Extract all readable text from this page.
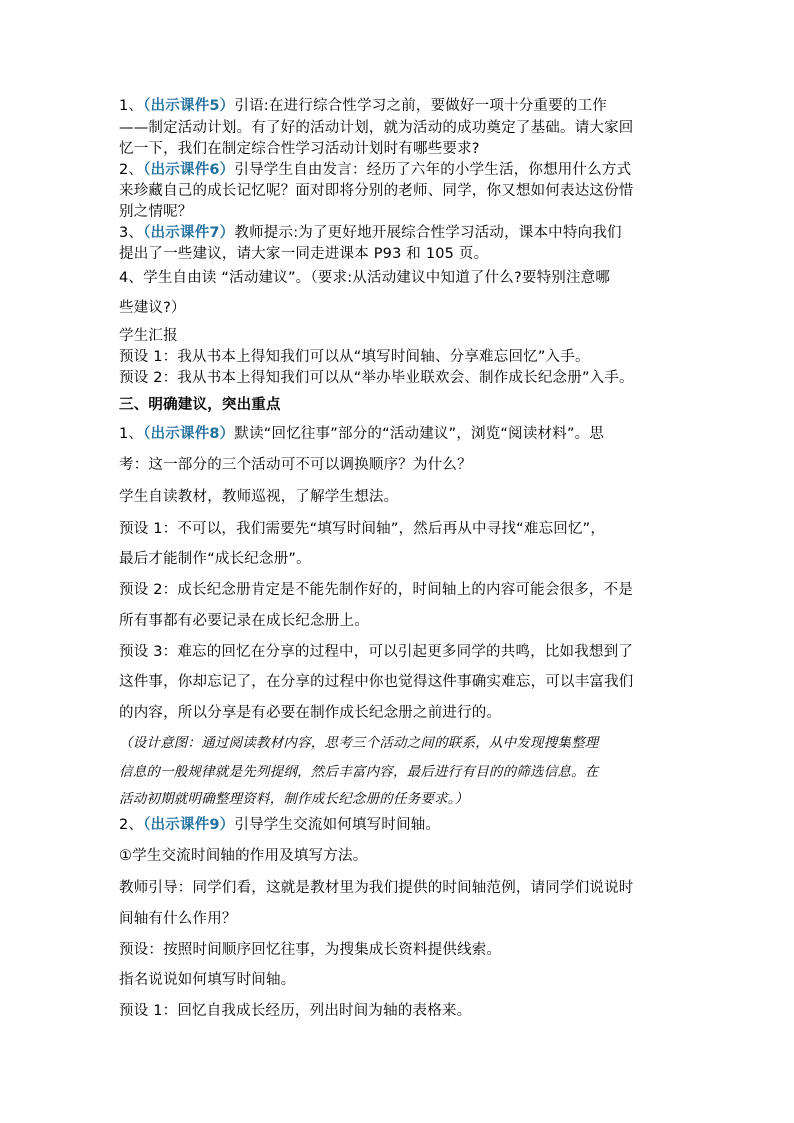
1、（出示课件5）引语:在进行综合性学习之前，要做好一项十分重要的工作
——制定活动计划。有了好的活动计划，就为活动的成功奠定了基础。请大家回
忆一下，我们在制定综合性学习活动计划时有哪些要求?
2、（出示课件6）引导学生自由发言：经历了六年的小学生活，你想用什么方式
来珍藏自己的成长记忆呢？面对即将分别的老师、同学，你又想如何表达这份惜
别之情呢？
3、（出示课件7）教师提示:为了更好地开展综合性学习活动，课本中特向我们
提出了一些建议，请大家一同走进课本 P93 和 105 页。
4、学生自由读 “活动建议”。（要求:从活动建议中知道了什么?要特别注意哪
些建议?）
学生汇报
预设 1：我从书本上得知我们可以从“填写时间轴、分享难忘回忆”入手。
预设 2：我从书本上得知我们可以从“举办毕业联欢会、制作成长纪念册”入手。
三、明确建议，突出重点
1、（出示课件8）默读“回忆往事”部分的“活动建议”，浏览“阅读材料”。思
考：这一部分的三个活动可不可以调换顺序？为什么？
学生自读教材，教师巡视，了解学生想法。
预设 1：不可以，我们需要先“填写时间轴”，然后再从中寻找“难忘回忆”，
最后才能制作“成长纪念册”。
预设 2：成长纪念册肯定是不能先制作好的，时间轴上的内容可能会很多，不是
所有事都有必要记录在成长纪念册上。
预设 3：难忘的回忆在分享的过程中，可以引起更多同学的共鸣，比如我想到了
这件事，你却忘记了，在分享的过程中你也觉得这件事确实难忘，可以丰富我们
的内容，所以分享是有必要在制作成长纪念册之前进行的。
（设计意图：通过阅读教材内容，思考三个活动之间的联系，从中发现搜集整理
信息的一般规律就是先列提纲，然后丰富内容，最后进行有目的的筛选信息。在
活动初期就明确整理资料，制作成长纪念册的任务要求。）
2、（出示课件9）引导学生交流如何填写时间轴。
①学生交流时间轴的作用及填写方法。
教师引导：同学们看，这就是教材里为我们提供的时间轴范例，请同学们说说时
间轴有什么作用？
预设：按照时间顺序回忆往事，为搜集成长资料提供线索。
指名说说如何填写时间轴。
预设 1：回忆自我成长经历，列出时间为轴的表格来。
